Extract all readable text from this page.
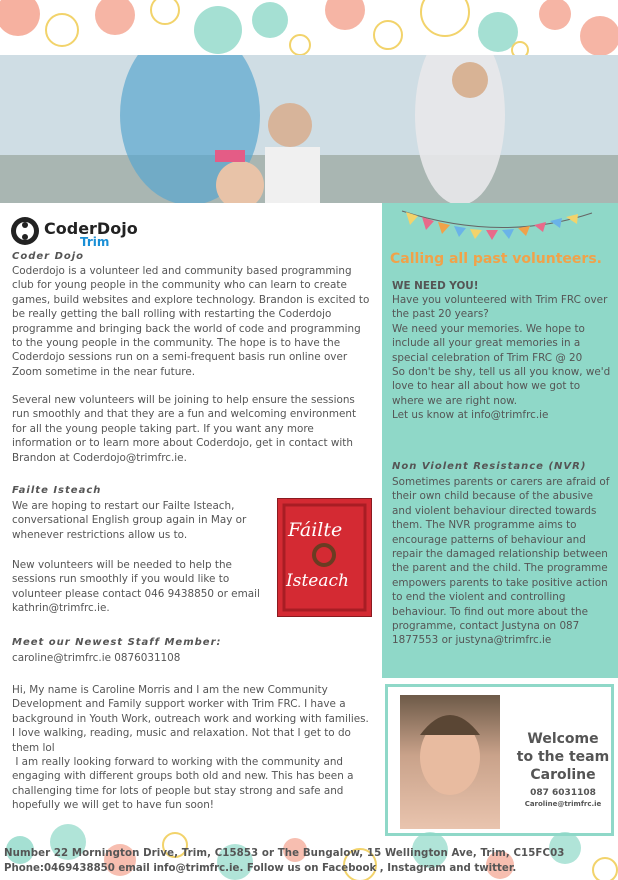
CoderDojo
Trim
Coder Dojo

Coderdojo is a volunteer led and community based programming club for young people in the community who can learn to create games, build websites and explore technology. Brandon is excited to be really getting the ball rolling with restarting the Coderdojo programme and bringing back the world of code and programming to the young people in the community. The hope is to have the Coderdojo sessions run on a semi-frequent basis run online over Zoom sometime in the near future.

Several new volunteers will be joining to help ensure the sessions run smoothly and that they are a fun and welcoming environment for all the young people taking part. If you want any more information or to learn more about Coderdojo, get in contact with Brandon at Coderdojo@trimfrc.ie.

Failte Isteach

We are hoping to restart our Failte Isteach, conversational English group again in May or whenever restrictions allow us to.

New volunteers will be needed to help the sessions run smoothly if you would like to volunteer please contact 046 9438850 or email  kathrin@trimfrc.ie.

Fáilte
Isteach
Meet our Newest Staff Member:

caroline@trimfrc.ie 0876031108

Hi, My name is Caroline Morris and I am the new Community Development and Family support worker with Trim FRC. I have a background in Youth Work, outreach work and working with families. I love walking, reading, music and relaxation. Not that I get to do them lol
I am really looking forward to working with the community and engaging with different groups both old and new. This has been a challenging time for lots of people but stay strong and safe and hopefully we will get to have fun soon!

Calling all past volunteers.
WE NEED YOU!

Have you volunteered with Trim FRC over the past 20 years?
We need your memories. We hope to include all your great memories in a special celebration of Trim FRC @ 20
So don't be shy, tell us all you know, we'd love to hear all about how we got to where we are right now.
Let us know at info@trimfrc.ie

Non Violent Resistance (NVR)

Sometimes parents or carers are afraid of their own child because of the abusive and violent behaviour directed towards them. The NVR programme aims to encourage patterns of behaviour and repair the damaged relationship between the parent and the child. The programme empowers parents to take positive action to end the violent and controlling behaviour. To find out more about the programme, contact Justyna on 087 1877553 or justyna@trimfrc.ie

Welcome
to the team
Caroline
087 6031108
Caroline@trimfrc.ie
Number 22 Mornington Drive, Trim, C15853 or The Bungalow, 15 Wellington Ave, Trim, C15FC03
Phone:0469438850 email info@trimfrc.ie. Follow us on Facebook , Instagram and twitter.
